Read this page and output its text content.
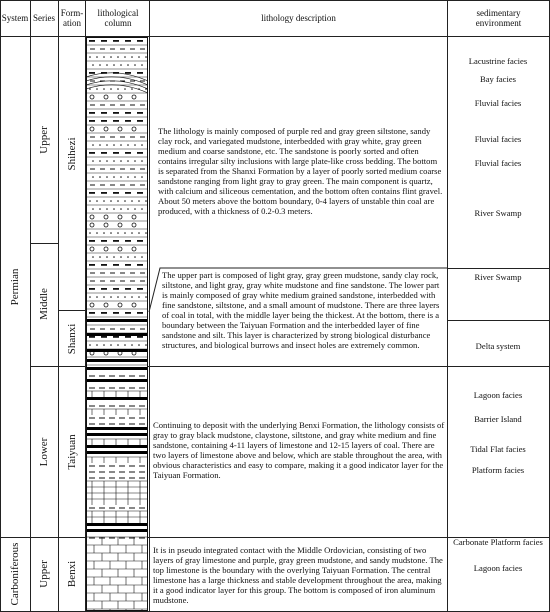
System Series Form-
ation
lithological
column	lithology description	sedimentary
environment
Permian
Carboniferous
Upper
Middle
Lower
Upper
Shihezi
Shanxi
Taiyuan
Benxi
The lithology is mainly composed of purple red and gray green siltstone, sandy clay rock, and variegated mudstone, interbedded with gray white, gray green medium and coarse sandstone, etc. The sandstone is poorly sorted and often contains irregular silty inclusions with large plate-like cross bedding. The bottom is separated from the Shanxi Formation by a layer of poorly sorted medium coarse sandstone ranging from light gray to gray green. The main component is quartz, with calcium and siliceous cementation, and the bottom often contains flint gravel. About 50 meters above the bottom boundary, 0-4 layers of unstable thin coal are produced, with a thickness of 0.2-0.3 meters.
The upper part is composed of light gray, gray green mudstone, sandy clay rock, siltstone, and light gray, gray white mudstone and fine sandstone. The lower part is mainly composed of gray white medium grained sandstone, interbedded with fine sandstone, siltstone, and a small amount of mudstone. There are three layers of coal in total, with the middle layer being the thickest. At the bottom, there is a boundary between the Taiyuan Formation and the interbedded layer of fine sandstone and silt. This layer is characterized by strong biological disturbance structures, and biological burrows and insect holes are extremely common.
Continuing to deposit with the underlying Benxi Formation, the lithology consists of gray to gray black mudstone, claystone, siltstone, and gray white medium and fine sandstone, containing 4-11 layers of limestone and 12-15 layers of coal. There are two layers of limestone above and below, which are stable throughout the area, with obvious characteristics and easy to compare, making it a good indicator layer for the Taiyuan Formation.
It is in pseudo integrated contact with the Middle Ordovician, consisting of two layers of gray limestone and purple, gray green mudstone, and sandy mudstone. The top limestone is the boundary with the overlying Taiyuan Formation. The central limestone has a large thickness and stable development throughout the area, making it a good indicator layer for this group. The bottom is composed of iron aluminum mudstone.
Lacustrine facies
Bay facies
Fluvial facies
Fluvial facies
Fluvial facies
River Swamp
River Swamp
Delta system
Lagoon facies
Barrier Island
Tidal Flat facies
Platform facies
Carbonate Platform facies
Lagoon facies
